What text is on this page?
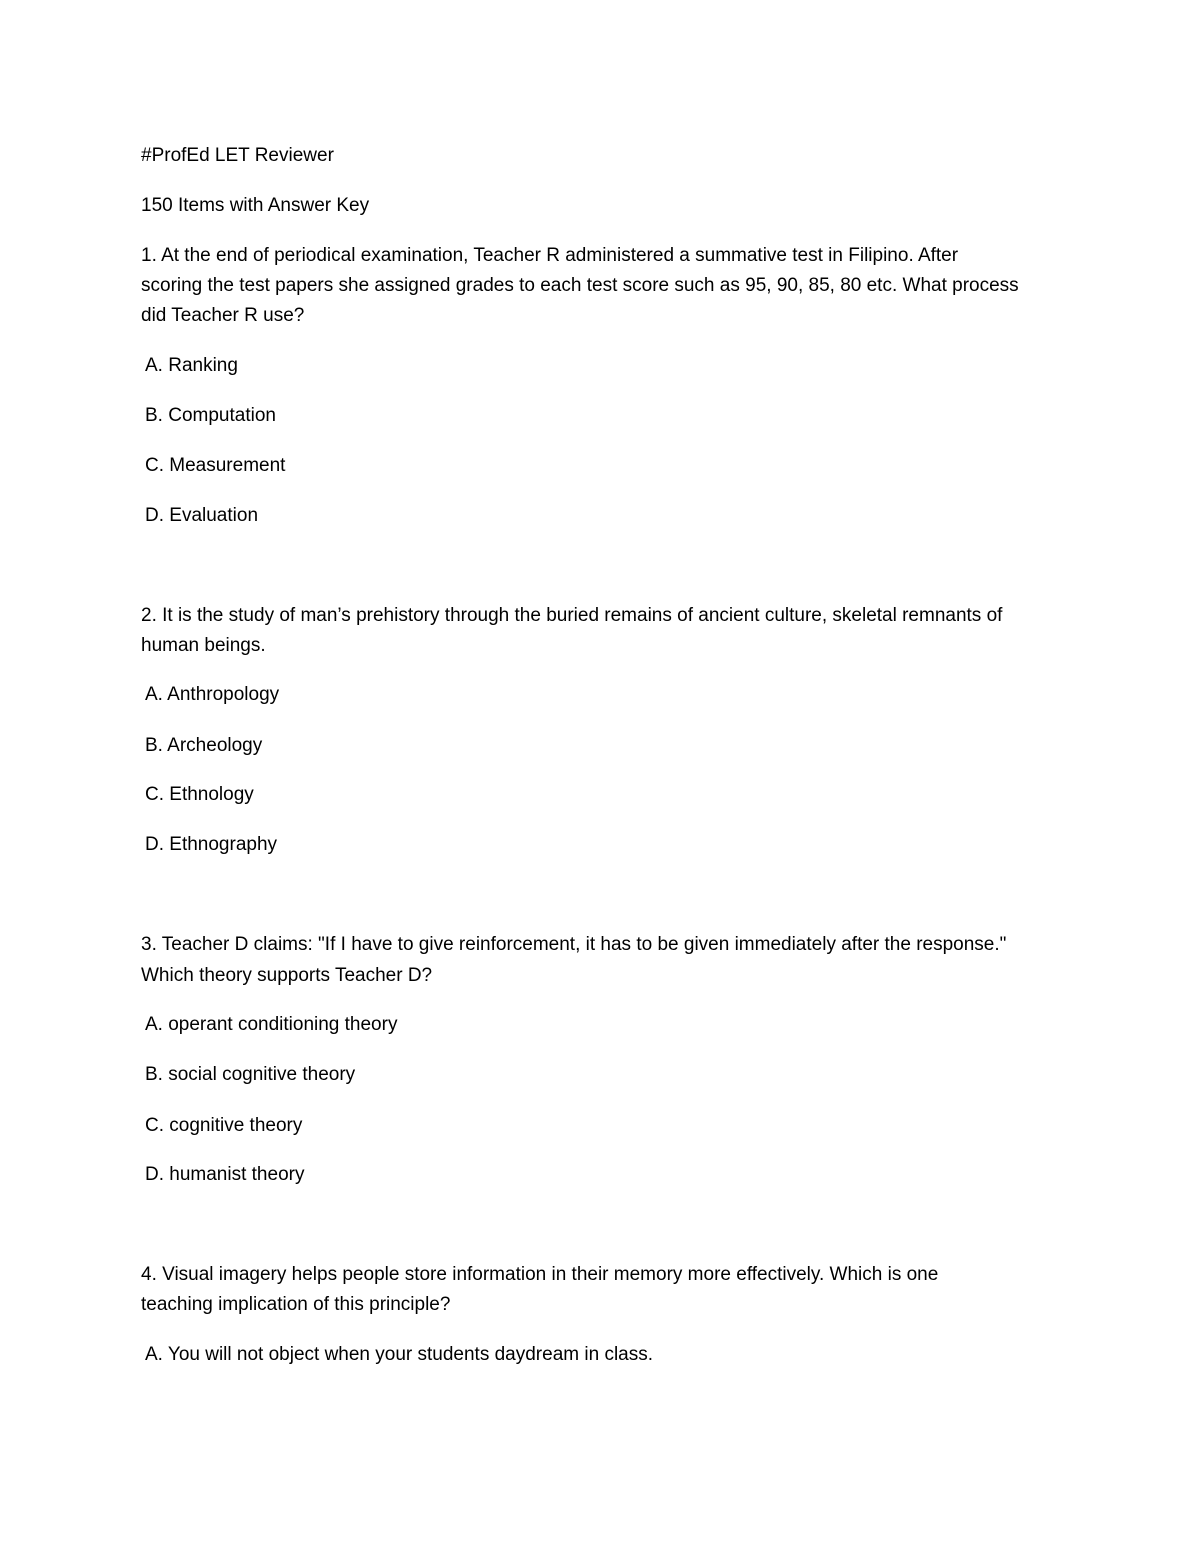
#ProfEd LET Reviewer
150 Items with Answer Key
1. At the end of periodical examination, Teacher R administered a summative test in Filipino. After
scoring the test papers she assigned grades to each test score such as 95, 90, 85, 80 etc. What process
did Teacher R use?
A. Ranking
B. Computation
C. Measurement
D. Evaluation
2. It is the study of man’s prehistory through the buried remains of ancient culture, skeletal remnants of
human beings.
A. Anthropology
B. Archeology
C. Ethnology
D. Ethnography
3. Teacher D claims: "If I have to give reinforcement, it has to be given immediately after the response."
Which theory supports Teacher D?
A. operant conditioning theory
B. social cognitive theory
C. cognitive theory
D. humanist theory
4. Visual imagery helps people store information in their memory more effectively. Which is one
teaching implication of this principle?
A. You will not object when your students daydream in class.
